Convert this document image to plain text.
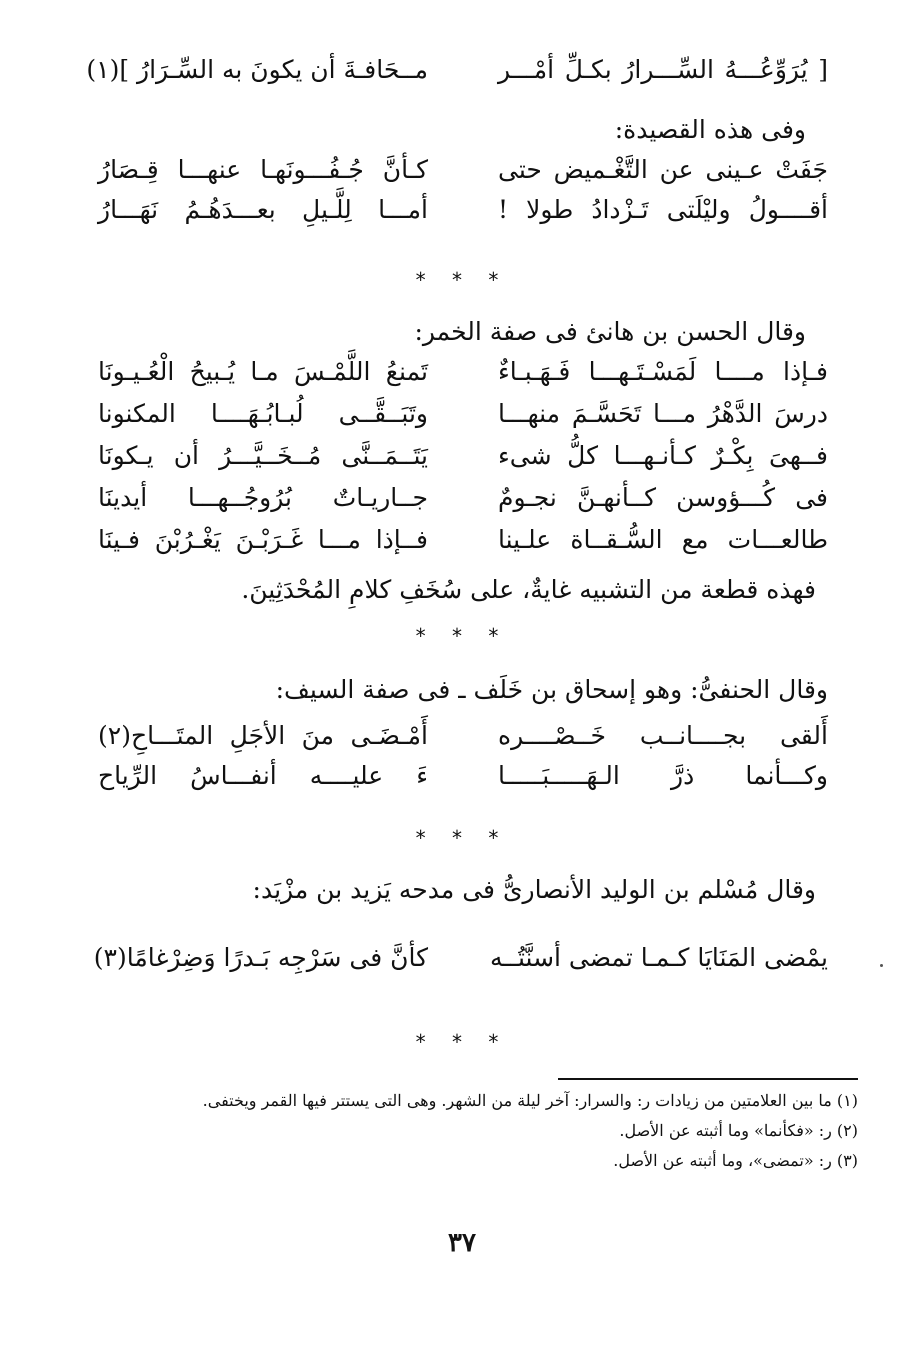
[ يُرَوِّعُـــهُ السِّـــرارُ بكـلِّ أمْـــر
مــحَافـةَ أن يكونَ به السِّـرَارُ ](١)
وفى هذه القصيدة:
جَفَتْ عـينى عن التَّغْـميض حتى
كـأنَّ جُـفُـــونَهـا عنهـــا قِـصَارُ
أقــــولُ وليْلَتى تَـزْدادُ طولا !
أمـــا لِلَّـيلِ بعـــدَهُـمُ نَهَـــارُ
* * *
وقال الحسن بن هانئ فى صفة الخمر:
فـإذا مــــا لَمَسْـتَـهـــا فَـهَـبـاءٌ
تَمنعُ اللَّمْـسَ مـا يُـبيحُ الْعُـيـونَا
درسَ الدَّهْرُ مـــا تَحَسَّـمَ منهـــا
وتَبَــقَّــى لُبـابُـهَــــا المكنونا
فــهىَ بِكْـرٌ كـأنـهـــا كلُّ شىء
يَتَــمَــنَّى مُــخَــيَّـــرُ أن يـكونَا
فى كُـــؤوسن كــأنهـنَّ نجـومٌ
جــاريـاتٌ بُرُوجُــهـــا أيدينَا
طالعـــات مع السُّـقــاة علـينا
فــإذا مـــا غَـرَبْـنَ يَغْـرُبْنَ فـينَا
فهذه قطعة من التشبيه غايةٌ، على سُخَفِ كلامِ المُحْدَثِينَ.
* * *
وقال الحنفىُّ: وهو إسحاق بن خَلَف ـ فى صفة السيف:
أَلقى بجــــانــب خَــصْــــره
أَمْـضَـى منَ الأجَلِ المتَـــاحِ(٢)
وكـــأنما ذرَّ الـهَـــــبَـــــا
ءَ عليــــه أنفـــاسُ الرِّياح
* * *
وقال مُسْلم بن الوليد الأنصارىُّ فى مدحه يَزيد بن مزْيَد:
يمْضى المَنَايَا كـمـا تمضى أسنَّتُــه
كأنَّ فى سَرْجِه بَـدرًا وَضِرْغامًا(٣)
* * *
(١) ما بين العلامتين من زيادات ر: والسرار: آخر ليلة من الشهر. وهى التى يستتر فيها القمر ويختفى.
(٢) ر: «فكأنما» وما أثبته عن الأصل.
(٣) ر: «تمضى»، وما أثبته عن الأصل.
٣٧
